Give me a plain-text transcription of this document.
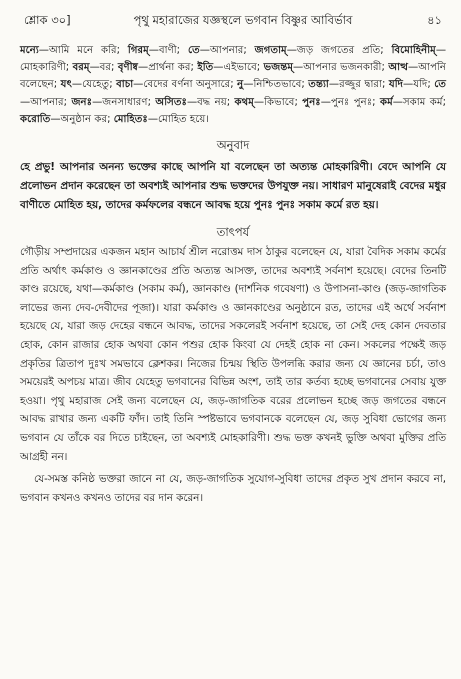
শ্লোক ৩০]	পৃথু মহারাজের যজ্ঞস্থলে ভগবান বিষ্ণুর আবির্ভাব	৪১
মন্যে—আমি মনে করি; গিরম্—বাণী; তে—আপনার; জগতাম্—জড় জগতের প্রতি; বিমোহিনীম্—মোহকারিণী; বরম্—বর; বৃণীষ্ব—প্রার্থনা কর; ইতি—এইভাবে; ভজন্তম্—আপনার ভজনকারী; আত্থ—আপনি বলেছেন; যৎ—যেহেতু; বাচা—বেদের বর্ণনা অনুসারে; নু—নিশ্চিতভাবে; তন্ত্যা—রজ্জুর দ্বারা; যদি—যদি; তে—আপনার; জনঃ—জনসাধারণ; অসিতঃ—বদ্ধ নয়; কথম্—কিভাবে; পুনঃ—পুনঃ পুনঃ; কর্ম—সকাম কর্ম; করোতি—অনুষ্ঠান কর; মোহিতঃ—মোহিত হয়ে।
অনুবাদ
হে প্রভু! আপনার অনন্য ভক্তের কাছে আপনি যা বলেছেন তা অত্যন্ত মোহকারিণী। বেদে আপনি যে প্রলোভন প্রদান করেছেন তা অবশ্যই আপনার শুদ্ধ ভক্তদের উপযুক্ত নয়। সাধারণ মানুষেরাই বেদের মধুর বাণীতে মোহিত হয়, তাদের কর্মফলের বন্ধনে আবদ্ধ হয়ে পুনঃ পুনঃ সকাম কর্মে রত হয়।
তাৎপর্য

গৌড়ীয় সম্প্রদায়ের একজন মহান আচার্য শ্রীল নরোত্তম দাস ঠাকুর বলেছেন যে, যারা বৈদিক সকাম কর্মের প্রতি অর্থাৎ কর্মকাণ্ড ও জ্ঞানকাণ্ডের প্রতি অত্যন্ত আসক্ত, তাদের অবশ্যই সর্বনাশ হয়েছে। বেদের তিনটি কাণ্ড রয়েছে, যথা—কর্মকাণ্ড (সকাম কর্ম), জ্ঞানকাণ্ড (দার্শনিক গবেষণা) ও উপাসনা-কাণ্ড (জড়-জাগতিক লাভের জন্য দেব-দেবীদের পূজা)। যারা কর্মকাণ্ড ও জ্ঞানকাণ্ডের অনুষ্ঠানে রত, তাদের এই অর্থে সর্বনাশ হয়েছে যে, যারা জড় দেহের বন্ধনে আবদ্ধ, তাদের সকলেরই সর্বনাশ হয়েছে, তা সেই দেহ কোন দেবতার হোক, কোন রাজার হোক অথবা কোন পশুর হোক কিংবা যে দেহই হোক না কেন। সকলের পক্ষেই জড় প্রকৃতির ত্রিতাপ দুঃখ সমভাবে ক্লেশকর। নিজের চিন্ময় স্থিতি উপলব্ধি করার জন্য যে জ্ঞানের চর্চা, তাও সময়েরই অপচয় মাত্র। জীব যেহেতু ভগবানের বিভিন্ন অংশ, তাই তার কর্তব্য হচ্ছে ভগবানের সেবায় যুক্ত হওয়া। পৃথু মহারাজ সেই জন্য বলেছেন যে, জড়-জাগতিক বরের প্রলোভন হচ্ছে জড় জগতের বন্ধনে আবদ্ধ রাখার জন্য একটি ফাঁদ। তাই তিনি স্পষ্টভাবে ভগবানকে বলেছেন যে, জড় সুবিধা ভোগের জন্য ভগবান যে তাঁকে বর দিতে চাইছেন, তা অবশ্যই মোহকারিণী। শুদ্ধ ভক্ত কখনই ভুক্তি অথবা মুক্তির প্রতি আগ্রহী নন।

যে-সমস্ত কনিষ্ঠ ভক্তরা জানে না যে, জড়-জাগতিক সুযোগ-সুবিধা তাদের প্রকৃত সুখ প্রদান করবে না, ভগবান কখনও কখনও তাদের বর দান করেন।
